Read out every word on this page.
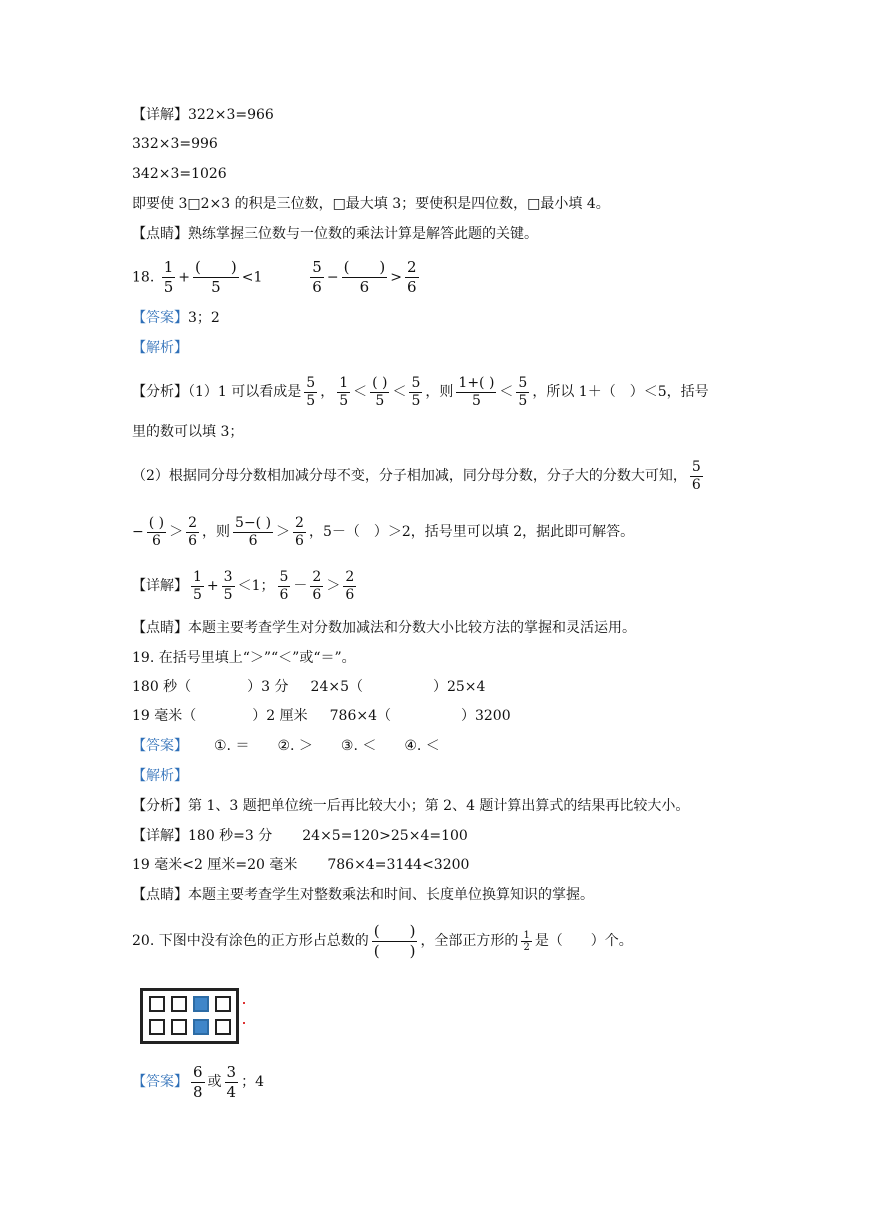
【详解】322×3=966
332×3=996
342×3=1026
即要使 3□2×3 的积是三位数，□最大填 3；要使积是四位数，□最小填 4。
【点睛】熟练掌握三位数与一位数的乘法计算是解答此题的关键。
18. $\frac{1}{5} + \frac{( )}{5} <1$	$\frac{5}{6} - \frac{( )}{6} > \frac{2}{6}$
【答案】3；2
【解析】
【分析】（1）1 可以看成是 $\frac{5}{5}$ ， $\frac{1}{5} < \frac{( )}{5} < \frac{5}{5}$ ，则 $\frac{1+( )}{5} < \frac{5}{5}$ ，所以 1＋（　）＜5，括号
里的数可以填 3；
（2）根据同分母分数相加减分母不变，分子相加减，同分母分数，分子大的分数大可知， $\frac{5}{6}$
− $\frac{( )}{6} > \frac{2}{6}$ ，则 $\frac{5-( )}{6} > \frac{2}{6}$ ，5－（　）＞2，括号里可以填 2，据此即可解答。
【详解】 $\frac{1}{5} + \frac{3}{5} <1$； $\frac{5}{6} - \frac{2}{6} > \frac{2}{6}$
【点睛】本题主要考查学生对分数加减法和分数大小比较方法的掌握和灵活运用。
19. 在括号里填上“＞”“＜”或“＝”。
180 秒（　　　　）3 分 24×5（　　　　　）25×4
19 毫米（　　　　）2 厘米 786×4（　　　　　）3200
【答案】 ①. ＝ ②. ＞ ③. ＜ ④. ＜
【解析】
【分析】第 1、3 题把单位统一后再比较大小；第 2、4 题计算出算式的结果再比较大小。
【详解】180 秒=3 分 24×5=120>25×4=100
19 毫米<2 厘米=20 毫米 786×4=3144<3200
【点睛】本题主要考查学生对整数乘法和时间、长度单位换算知识的掌握。
20. 下图中没有涂色的正方形占总数的 $\frac{( )}{( )}$ ，全部正方形的 $\frac{1}{2}$ 是（　　）个。
【答案】 $\frac{6}{8}$ 或 $\frac{3}{4}$ ；4
